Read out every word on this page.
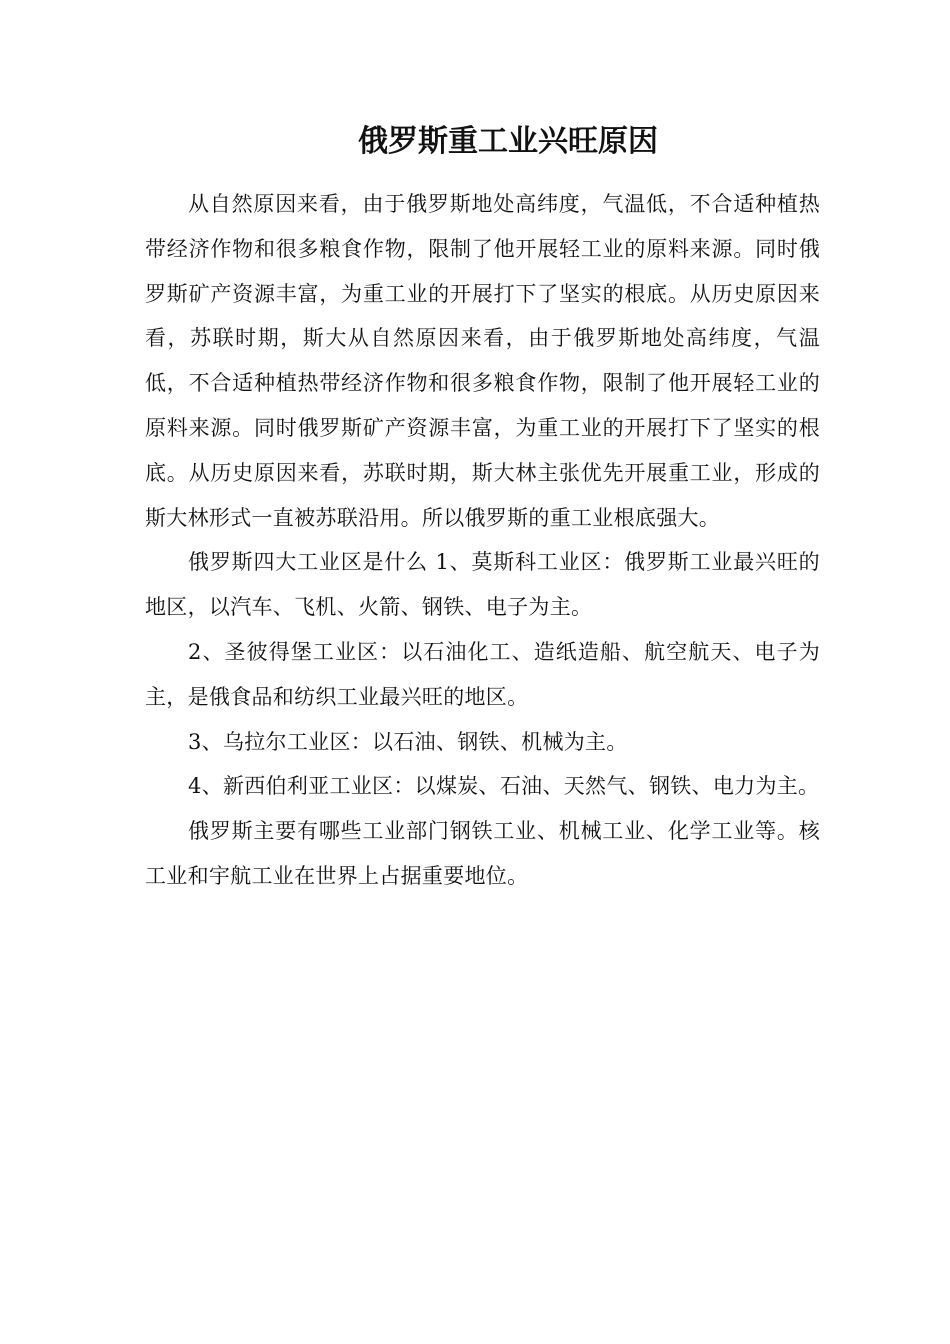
俄罗斯重工业兴旺原因

从自然原因来看，由于俄罗斯地处高纬度，气温低，不合适种植热带经济作物和很多粮食作物，限制了他开展轻工业的原料来源。同时俄罗斯矿产资源丰富，为重工业的开展打下了坚实的根底。从历史原因来看，苏联时期，斯大从自然原因来看，由于俄罗斯地处高纬度，气温低，不合适种植热带经济作物和很多粮食作物，限制了他开展轻工业的原料来源。同时俄罗斯矿产资源丰富，为重工业的开展打下了坚实的根底。从历史原因来看，苏联时期，斯大林主张优先开展重工业，形成的斯大林形式一直被苏联沿用。所以俄罗斯的重工业根底强大。

俄罗斯四大工业区是什么 1、莫斯科工业区：俄罗斯工业最兴旺的地区，以汽车、飞机、火箭、钢铁、电子为主。

2、圣彼得堡工业区：以石油化工、造纸造船、航空航天、电子为主，是俄食品和纺织工业最兴旺的地区。

3、乌拉尔工业区：以石油、钢铁、机械为主。

4、新西伯利亚工业区：以煤炭、石油、天然气、钢铁、电力为主。

俄罗斯主要有哪些工业部门钢铁工业、机械工业、化学工业等。核工业和宇航工业在世界上占据重要地位。
